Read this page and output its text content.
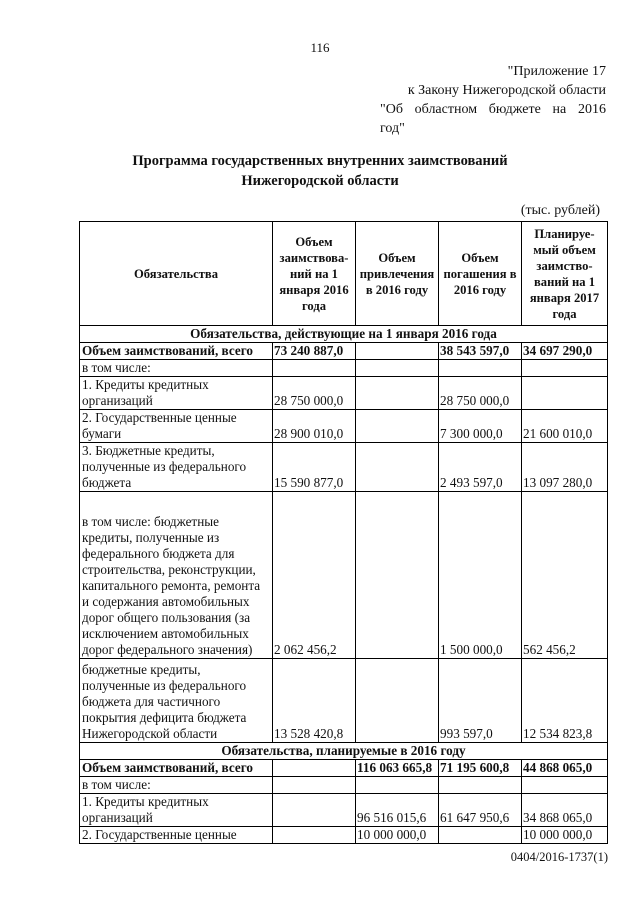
116
"Приложение 17
к Закону Нижегородской области
"Об областном бюджете на 2016
год"
Программа государственных внутренних заимствований
Нижегородской области
(тыс. рублей)
Обязательства	Объем заимствова-ний на 1 января 2016 года	Объем привлечения в 2016 году	Объем погашения в 2016 году	Планируе-мый объем заимство-ваний на 1 января 2017 года
Обязательства, действующие на 1 января 2016 года				
Объем заимствований, всего	73 240 887,0		38 543 597,0	34 697 290,0
в том числе:				
1. Кредиты кредитных организаций	28 750 000,0		28 750 000,0	
2. Государственные ценные бумаги	28 900 010,0		7 300 000,0	21 600 010,0
3. Бюджетные кредиты, полученные из федерального бюджета	15 590 877,0		2 493 597,0	13 097 280,0
в том числе: бюджетные кредиты, полученные из федерального бюджета для строительства, реконструкции, капитального ремонта, ремонта и содержания автомобильных дорог общего пользования (за исключением автомобильных дорог федерального значения)	2 062 456,2		1 500 000,0	562 456,2
бюджетные кредиты, полученные из федерального бюджета для частичного покрытия дефицита бюджета Нижегородской области	13 528 420,8		993 597,0	12 534 823,8
Обязательства, планируемые в 2016 году				
Объем заимствований, всего		116 063 665,8	71 195 600,8	44 868 065,0
в том числе:				
1. Кредиты кредитных организаций		96 516 015,6	61 647 950,6	34 868 065,0
2. Государственные ценные		10 000 000,0		10 000 000,0
0404/2016-1737(1)
